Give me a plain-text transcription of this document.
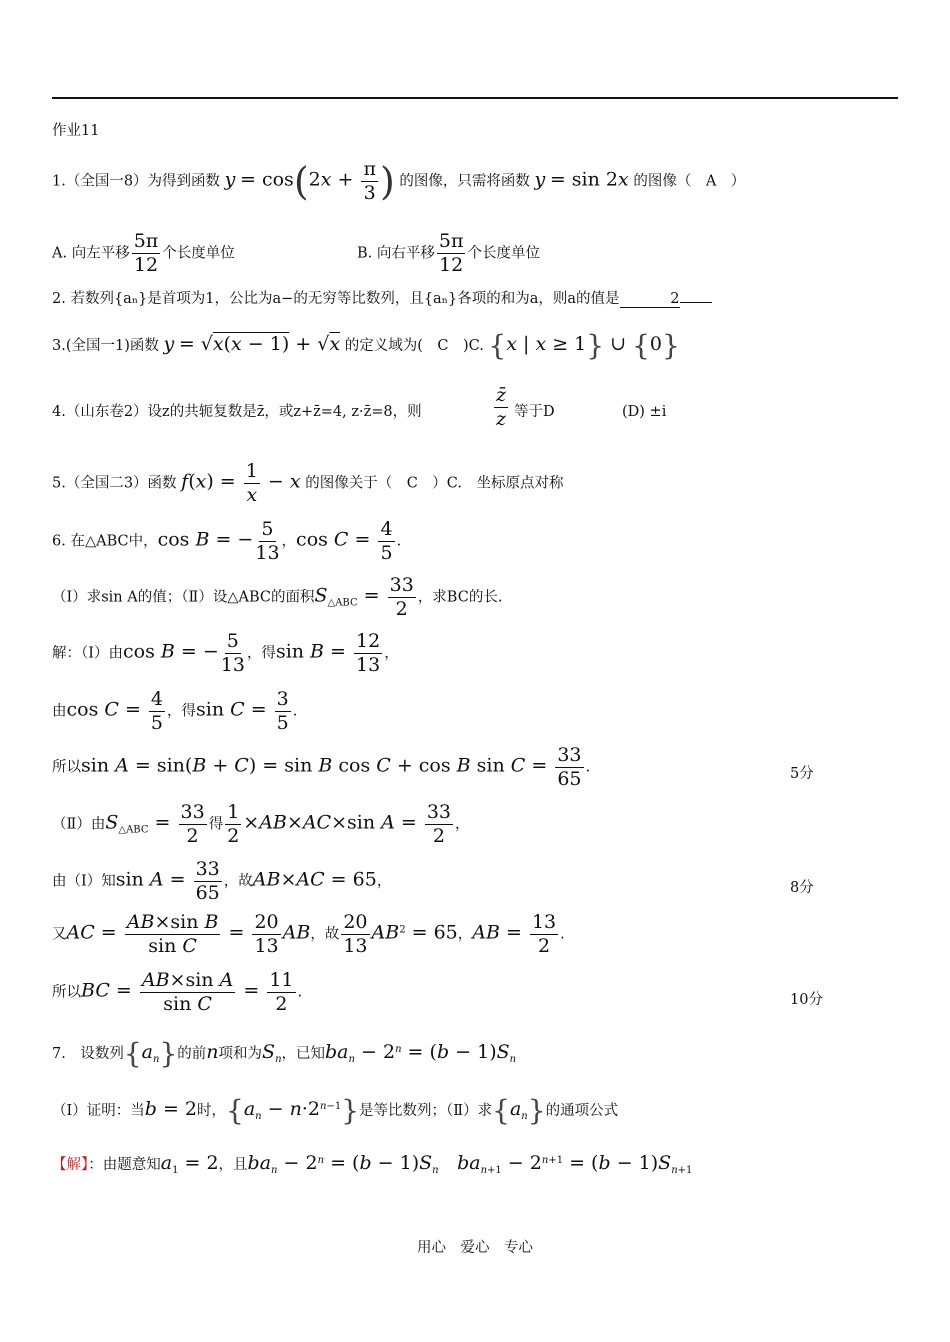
作业11
1.（全国一8）为得到函数 $y = \cos(2x + \frac{\pi}{3}$ ) 的图像，只需将函数 y = sin 2x 的图像（　A　）
A. 向左平移 $\frac{5\pi}{12}$ 个长度单位	B. 向右平移 $\frac{5\pi}{12}$ 个长度单位
2. 若数列{aₙ}是首项为1，公比为a−的无穷等比数列，且{aₙ}各项的和为a，则a的值是	2
3.(全国一1)函数 $y = √x(\overline{x} - 1) + √x$ 的定义域为(　C　)C. {x | x ≥ 1} ∪ {0}
4.（山东卷2）设z的共轭复数是z̄，或z+z̄=4, z·z̄=8，则	$\frac{z̄}{z}$ 等于D	(D) ±i
5.（全国二3）函数 $f(x) = \frac{1}{x} - x$ 的图像关于（　C　）C.　坐标原点对称
6. 在△ABC中，cos B = − $\frac{5}{13}$ ，$\cos C = \frac{4}{5}$ .
（Ⅰ）求sin A的值；（Ⅱ）设△ABC的面积$S_{\triangle ABC} = \frac{33}{2}$ ，求BC的长.
解：（Ⅰ）由cos B = − $\frac{5}{13}$ ，得$\sin B = \frac{12}{13}$ ，
由$\cos C = \frac{4}{5}$ ，得$\sin C = \frac{3}{5}$ .
所以sin A = sin(B + C) = sin B cos C + cos B $\sin C = \frac{33}{65}$ .	5分
（Ⅱ）由$S_{\triangle ABC} = \frac{33}{2}$ 得 $\frac{1}{2} \times AB\times AC\times\sin$ $A = \frac{33}{2}$ ，
由（Ⅰ）知$\sin A = \frac{33}{65}$ ，故AB×AC = 65，	8分
又AC = $\frac{\text{AB×sin B}}{\text{sin C}} = \frac{20}{13}$ AB，故 $\frac{20}{13} AB^2 = 65$，AB = $\frac{13}{2}$ .
所以BC = $\frac{\text{AB×sin A}}{\text{sin C}} = \frac{11}{2}$ .	10分
7.　设数列$\{a_n\}$的前n项和为$S_n$，已知$ba_n - 2^n = (b - 1)S_n$
（Ⅰ）证明：当b = 2时，$\{a_n - n\cdot 2^{n-1}\}$是等比数列；（Ⅱ）求$\{a_n\}$的通项公式
【解】：由题意知$a_1 = 2$，且$ba_n - 2^n = (b - 1)S_n$ $ba_{n+1} - 2^{n+1} = (b - 1)S_{n+1}$
用心　爱心　专心
